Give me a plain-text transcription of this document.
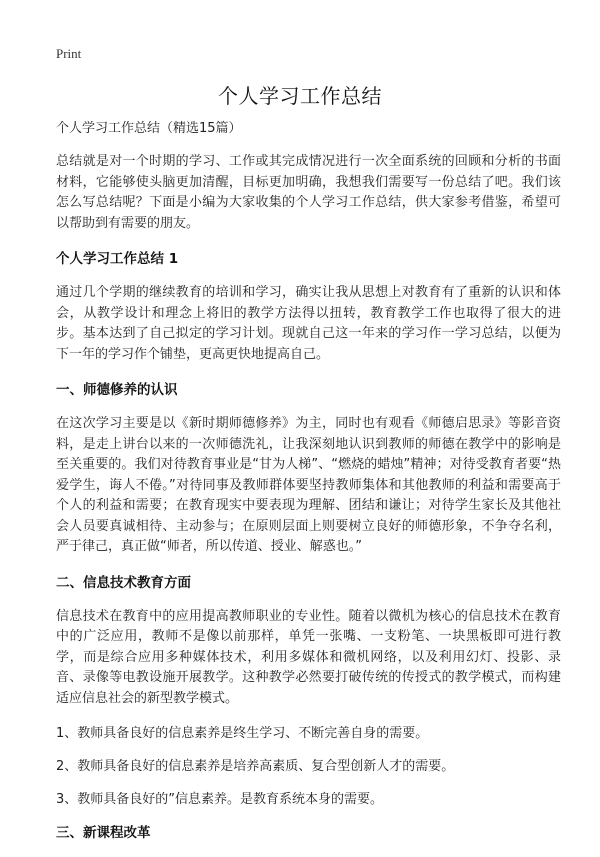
Print
个人学习工作总结
个人学习工作总结（精选15篇）

总结就是对一个时期的学习、工作或其完成情况进行一次全面系统的回顾和分析的书面材料，它能够使头脑更加清醒，目标更加明确，我想我们需要写一份总结了吧。我们该怎么写总结呢？下面是小编为大家收集的个人学习工作总结，供大家参考借鉴，希望可以帮助到有需要的朋友。

个人学习工作总结 1

通过几个学期的继续教育的培训和学习，确实让我从思想上对教育有了重新的认识和体会，从教学设计和理念上将旧的教学方法得以扭转，教育教学工作也取得了很大的进步。基本达到了自己拟定的学习计划。现就自己这一年来的学习作一学习总结，以便为下一年的学习作个铺垫，更高更快地提高自己。

一、师德修养的认识

在这次学习主要是以《新时期师德修养》为主，同时也有观看《师德启思录》等影音资料，是走上讲台以来的一次师德洗礼，让我深刻地认识到教师的师德在教学中的影响是至关重要的。我们对待教育事业是“甘为人梯”、“燃烧的蜡烛”精神；对待受教育者要“热爱学生，诲人不倦。”对待同事及教师群体要坚持教师集体和其他教师的利益和需要高于个人的利益和需要；在教育现实中要表现为理解、团结和谦让；对待学生家长及其他社会人员要真诚相待、主动参与；在原则层面上则要树立良好的师德形象，不争夺名利，严于律己，真正做“师者，所以传道、授业、解惑也。”

二、信息技术教育方面

信息技术在教育中的应用提高教师职业的专业性。随着以微机为核心的信息技术在教育中的广泛应用，教师不是像以前那样，单凭一张嘴、一支粉笔、一块黑板即可进行教学，而是综合应用多种媒体技术，利用多媒体和微机网络，以及利用幻灯、投影、录音、录像等电教设施开展教学。这种教学必然要打破传统的传授式的教学模式，而构建适应信息社会的新型教学模式。

1、教师具备良好的信息素养是终生学习、不断完善自身的需要。

2、教师具备良好的信息素养是培养高素质、复合型创新人才的需要。

3、教师具备良好的”信息素养。是教育系统本身的需要。

三、新课程改革
